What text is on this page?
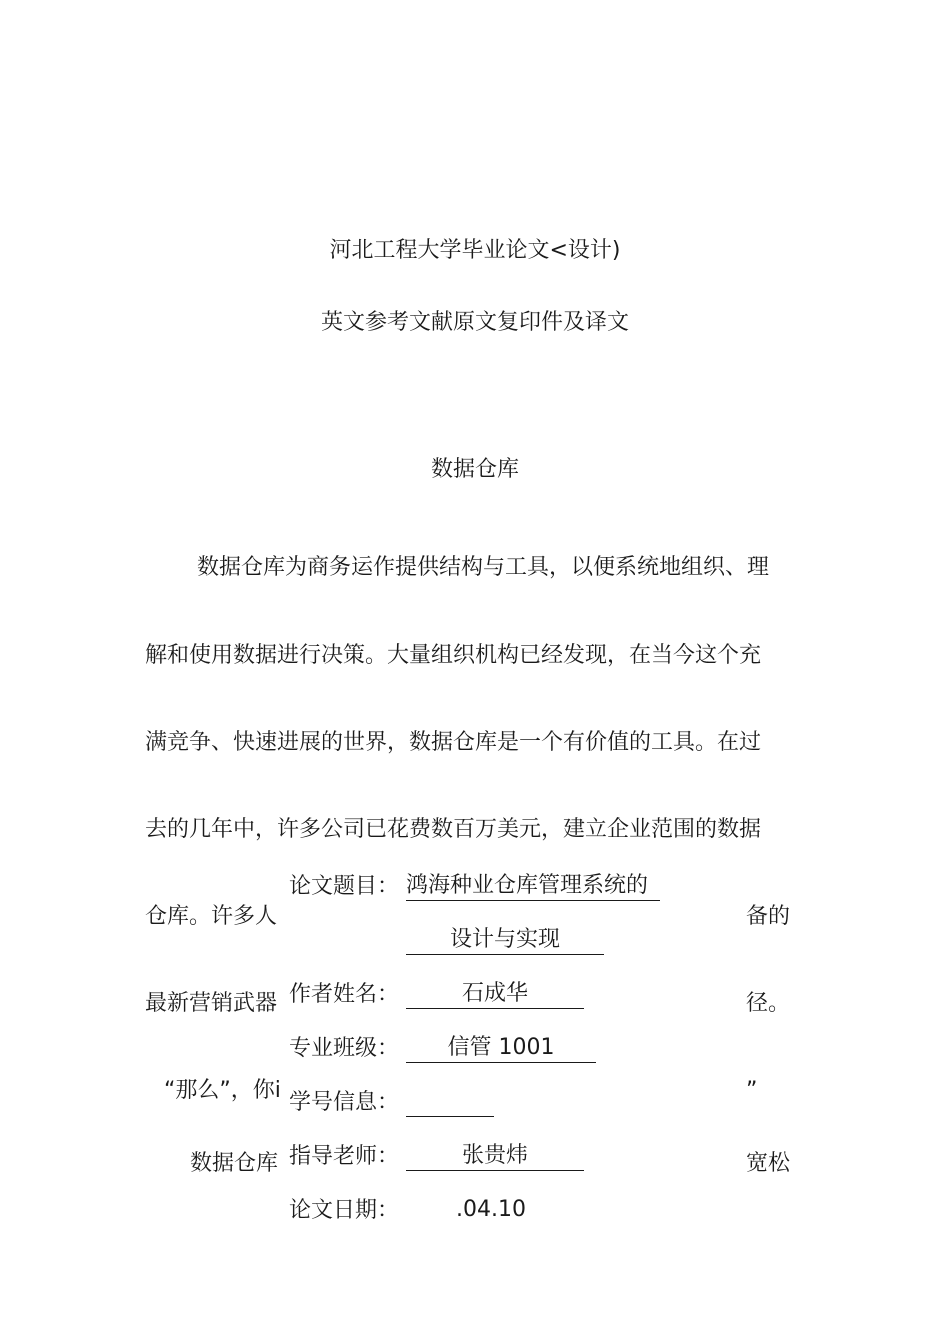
河北工程大学毕业论文<设计)
英文参考文献原文复印件及译文
数据仓库
数据仓库为商务运作提供结构与工具，以便系统地组织、理
解和使用数据进行决策。大量组织机构已经发现，在当今这个充
满竞争、快速进展的世界，数据仓库是一个有价值的工具。在过
去的几年中，许多公司已花费数百万美元，建立企业范围的数据
仓库。许多人
最新营销武器
“那么”，你i
数据仓库
备的
径。
”
宽松
论文题目： 鸿海种业仓库管理系统的
设计与实现
作者姓名：	石成华
专业班级：	信管 1001
学号信息：
指导老师：	张贵炜
论文日期：	.04.10
